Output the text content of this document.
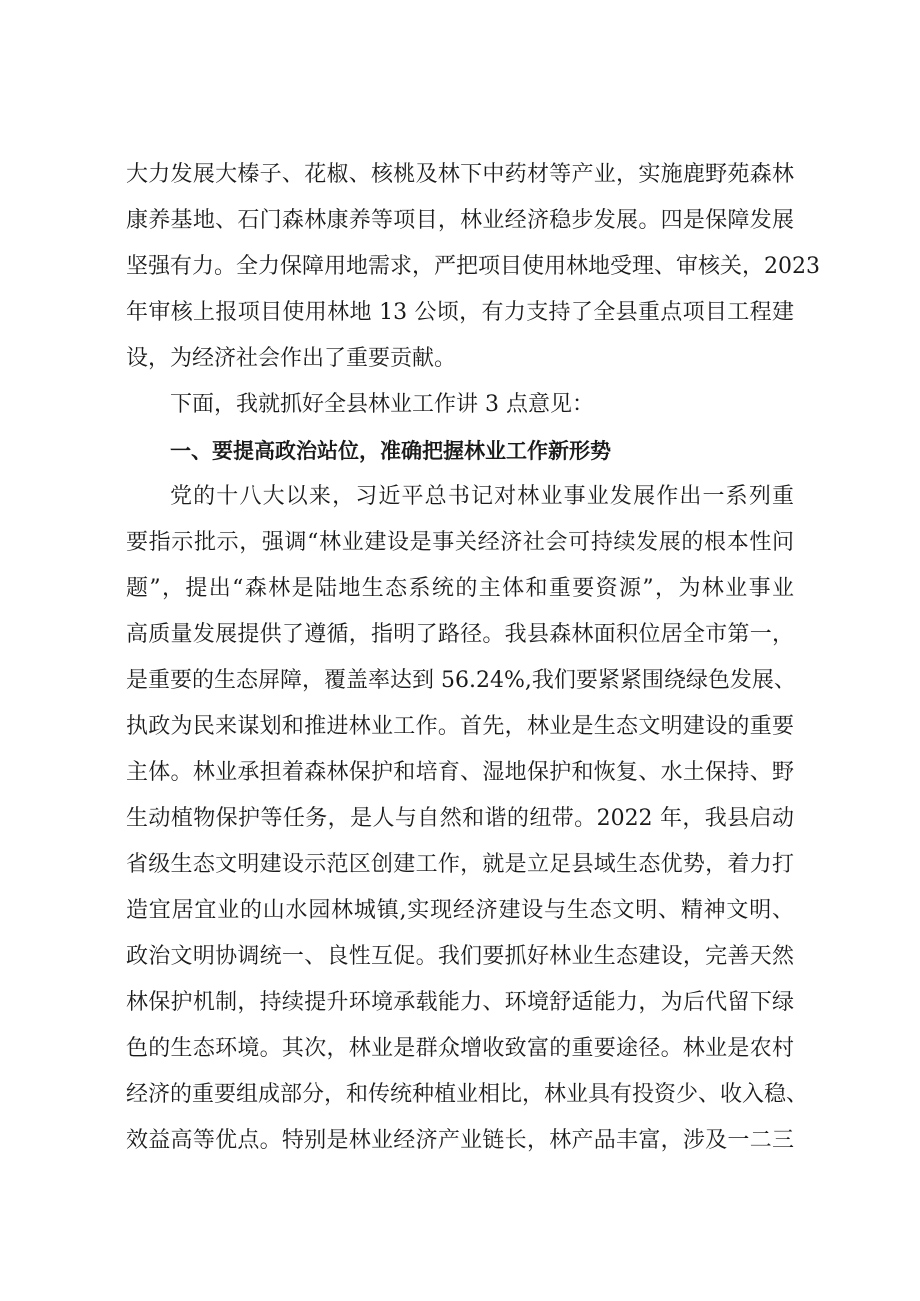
大力发展大榛子、花椒、核桃及林下中药材等产业，实施鹿野苑森林
康养基地、石门森林康养等项目，林业经济稳步发展。四是保障发展
坚强有力。全力保障用地需求，严把项目使用林地受理、审核关，2023
年审核上报项目使用林地 13 公顷，有力支持了全县重点项目工程建
设，为经济社会作出了重要贡献。
下面，我就抓好全县林业工作讲 3 点意见：
一、要提高政治站位，准确把握林业工作新形势
党的十八大以来，习近平总书记对林业事业发展作出一系列重
要指示批示，强调“林业建设是事关经济社会可持续发展的根本性问
题”，提出“森林是陆地生态系统的主体和重要资源”，为林业事业
高质量发展提供了遵循，指明了路径。我县森林面积位居全市第一，
是重要的生态屏障，覆盖率达到 56.24%,我们要紧紧围绕绿色发展、
执政为民来谋划和推进林业工作。首先，林业是生态文明建设的重要
主体。林业承担着森林保护和培育、湿地保护和恢复、水土保持、野
生动植物保护等任务，是人与自然和谐的纽带。2022 年，我县启动
省级生态文明建设示范区创建工作，就是立足县域生态优势，着力打
造宜居宜业的山水园林城镇,实现经济建设与生态文明、精神文明、
政治文明协调统一、良性互促。我们要抓好林业生态建设，完善天然
林保护机制，持续提升环境承载能力、环境舒适能力，为后代留下绿
色的生态环境。其次，林业是群众增收致富的重要途径。林业是农村
经济的重要组成部分，和传统种植业相比，林业具有投资少、收入稳、
效益高等优点。特别是林业经济产业链长，林产品丰富，涉及一二三
